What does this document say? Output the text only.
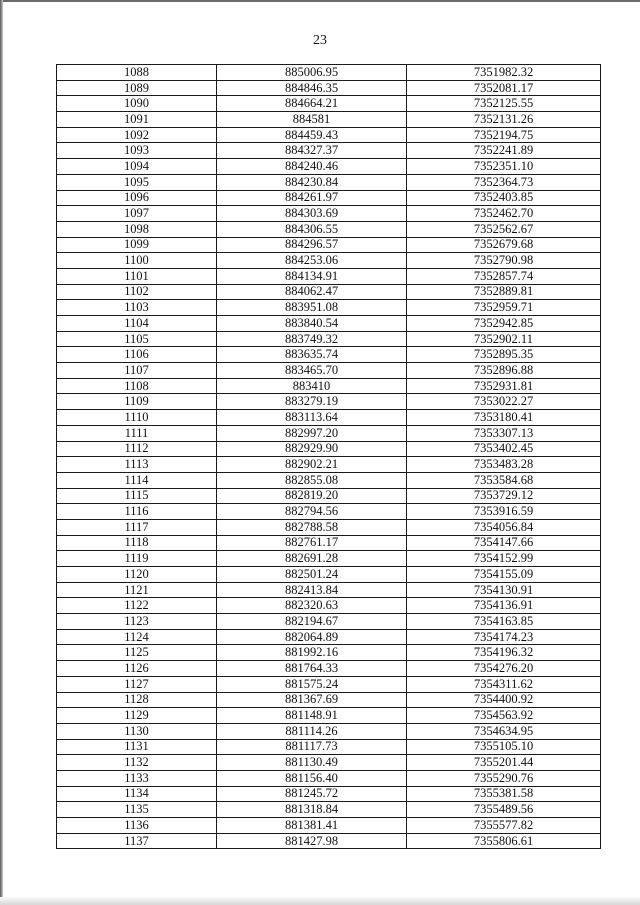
23
1088	885006.95	7351982.32
1089	884846.35	7352081.17
1090	884664.21	7352125.55
1091	884581	7352131.26
1092	884459.43	7352194.75
1093	884327.37	7352241.89
1094	884240.46	7352351.10
1095	884230.84	7352364.73
1096	884261.97	7352403.85
1097	884303.69	7352462.70
1098	884306.55	7352562.67
1099	884296.57	7352679.68
1100	884253.06	7352790.98
1101	884134.91	7352857.74
1102	884062.47	7352889.81
1103	883951.08	7352959.71
1104	883840.54	7352942.85
1105	883749.32	7352902.11
1106	883635.74	7352895.35
1107	883465.70	7352896.88
1108	883410	7352931.81
1109	883279.19	7353022.27
1110	883113.64	7353180.41
1111	882997.20	7353307.13
1112	882929.90	7353402.45
1113	882902.21	7353483.28
1114	882855.08	7353584.68
1115	882819.20	7353729.12
1116	882794.56	7353916.59
1117	882788.58	7354056.84
1118	882761.17	7354147.66
1119	882691.28	7354152.99
1120	882501.24	7354155.09
1121	882413.84	7354130.91
1122	882320.63	7354136.91
1123	882194.67	7354163.85
1124	882064.89	7354174.23
1125	881992.16	7354196.32
1126	881764.33	7354276.20
1127	881575.24	7354311.62
1128	881367.69	7354400.92
1129	881148.91	7354563.92
1130	881114.26	7354634.95
1131	881117.73	7355105.10
1132	881130.49	7355201.44
1133	881156.40	7355290.76
1134	881245.72	7355381.58
1135	881318.84	7355489.56
1136	881381.41	7355577.82
1137	881427.98	7355806.61
